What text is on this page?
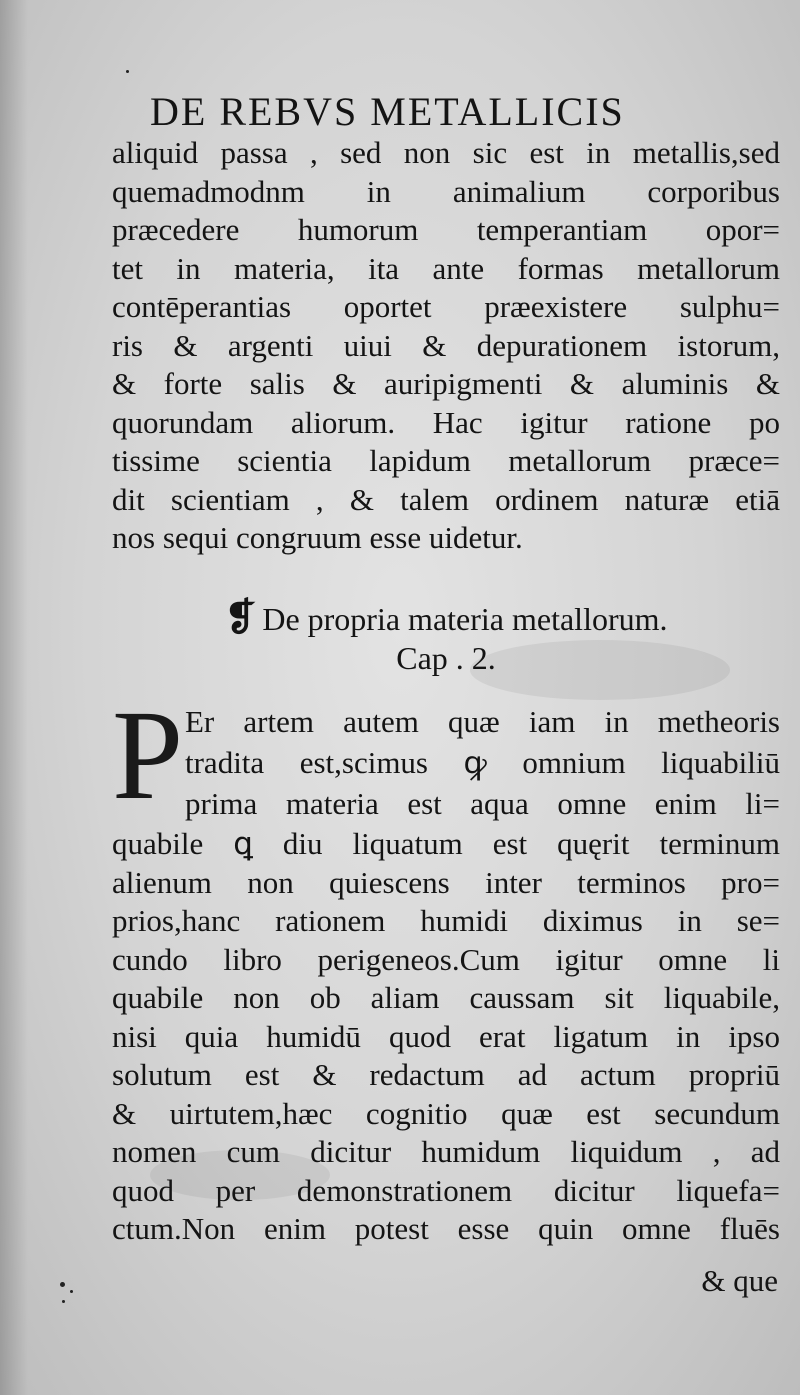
DE REBVS METALLICIS
aliquid passa , sed non sic est in metallis,sed
quemadmodnm in animalium corporibus
præcedere humorum temperantiam opor=
tet in materia, ita ante formas metallorum
contēperantias oportet præexistere sulphu=
ris & argenti uiui & depurationem istorum,
& forte salis & auripigmenti & aluminis &
quorundam aliorum. Hac igitur ratione po
tissime scientia lapidum metallorum præce=
dit scientiam , & talem ordinem naturæ etiā
nos sequi congruum esse uidetur.
❡ De propria materia metallorum.
Cap . 2.
P Er artem autem quæ iam in metheoris
tradita est,scimus ꝙ omnium liquabiliū
prima materia est aqua omne enim li=
quabile ꝗ diu liquatum est quęrit terminum
alienum non quiescens inter terminos pro=
prios,hanc rationem humidi diximus in se=
cundo libro perigeneos.Cum igitur omne li
quabile non ob aliam caussam sit liquabile,
nisi quia humidū quod erat ligatum in ipso
solutum est & redactum ad actum propriū
& uirtutem,hæc cognitio quæ est secundum
nomen cum dicitur humidum liquidum , ad
quod per demonstrationem dicitur liquefa=
ctum.Non enim potest esse quin omne fluēs
& que
